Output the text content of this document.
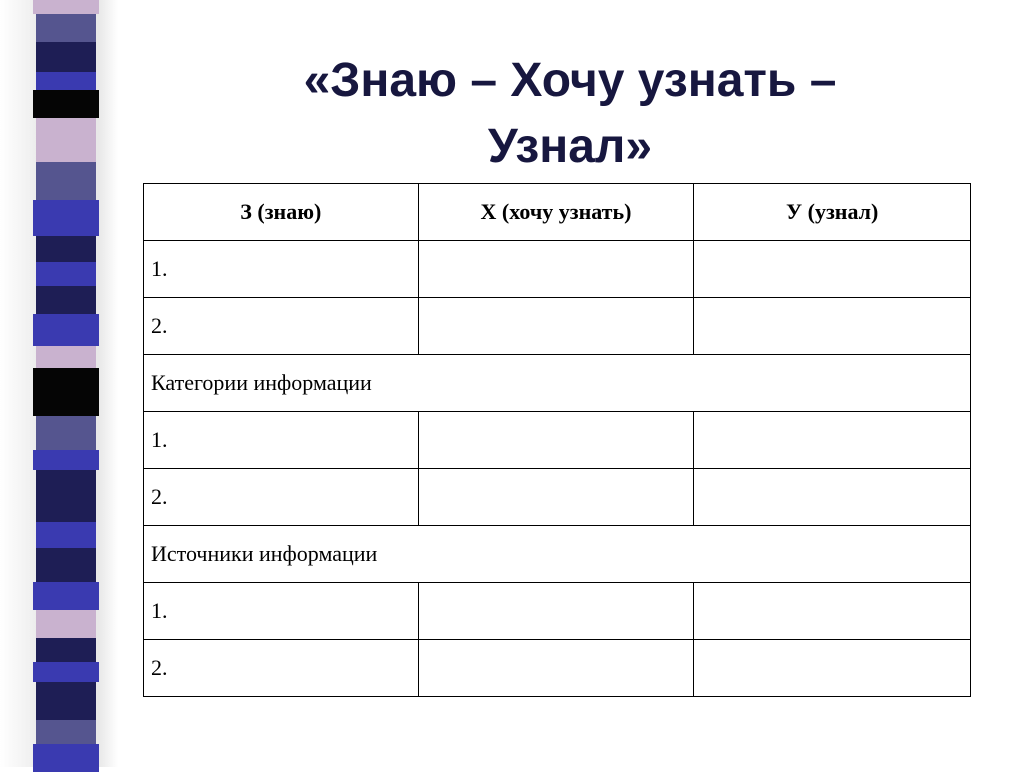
«Знаю – Хочу узнать –
Узнал»
З (знаю)	Х (хочу узнать)	У (узнал)
1.		
2.		
Категории информации		
1.		
2.		
Источники информации		
1.		
2.		
